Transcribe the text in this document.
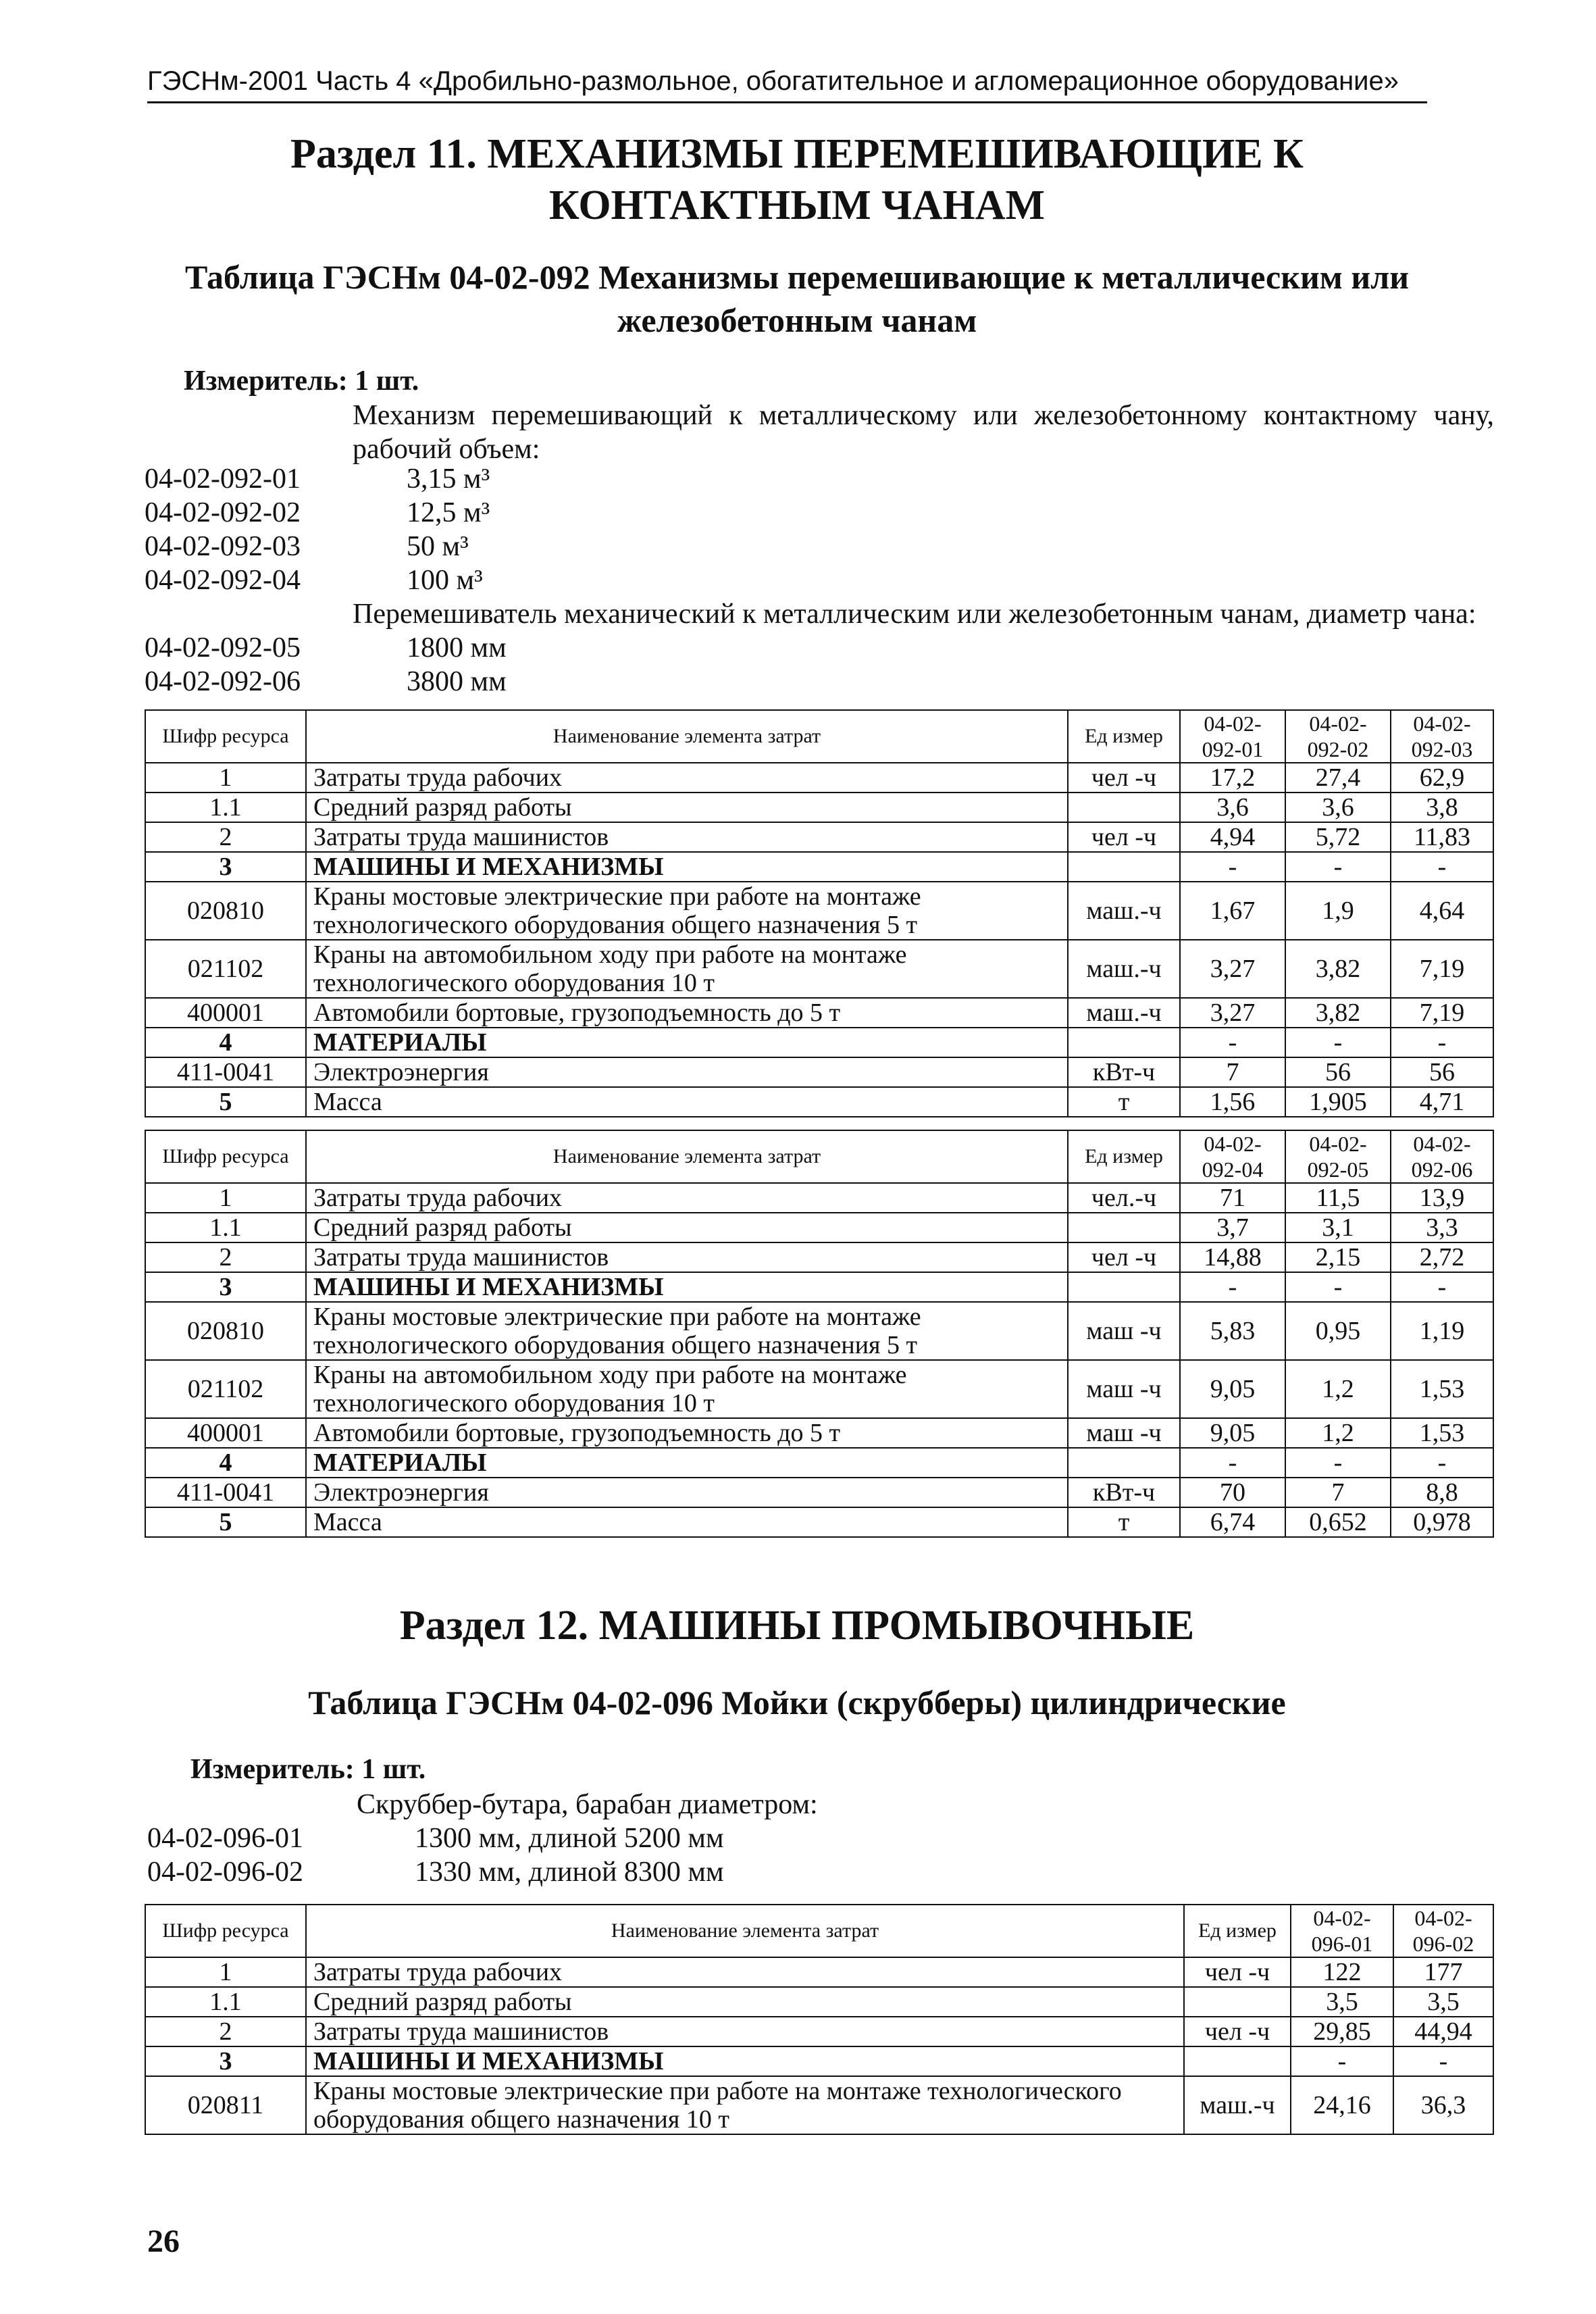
ГЭСНм-2001 Часть 4 «Дробильно-размольное, обогатительное и агломерационное оборудование»
Раздел 11. МЕХАНИЗМЫ ПЕРЕМЕШИВАЮЩИЕ К КОНТАКТНЫМ ЧАНАМ
Таблица ГЭСНм 04-02-092 Механизмы перемешивающие к металлическим или железобетонным чанам
Измеритель: 1 шт.
Механизм перемешивающий к металлическому или железобетонному контактному чану, рабочий объем:
04-02-092-01	3,15 м³
04-02-092-02	12,5 м³
04-02-092-03	50 м³
04-02-092-04	100 м³
Перемешиватель механический к металлическим или железобетонным чанам, диаметр чана:
04-02-092-05	1800 мм
04-02-092-06	3800 мм
Шифр ресурса	Наименование элемента затрат	Ед измер	04-02-092-01	04-02-092-02	04-02-092-03
1	Затраты труда рабочих	чел -ч	17,2	27,4	62,9
1.1	Средний разряд работы		3,6	3,6	3,8
2	Затраты труда машинистов	чел -ч	4,94	5,72	11,83
3	МАШИНЫ И МЕХАНИЗМЫ		-	-	-
020810	Краны мостовые электрические при работе на монтаже технологического оборудования общего назначения 5 т	маш.-ч	1,67	1,9	4,64
021102	Краны на автомобильном ходу при работе на монтаже технологического оборудования 10 т	маш.-ч	3,27	3,82	7,19
400001	Автомобили бортовые, грузоподъемность до 5 т	маш.-ч	3,27	3,82	7,19
4	МАТЕРИАЛЫ		-	-	-
411-0041	Электроэнергия	кВт-ч	7	56	56
5	Масса	т	1,56	1,905	4,71
Шифр ресурса	Наименование элемента затрат	Ед измер	04-02-092-04	04-02-092-05	04-02-092-06
1	Затраты труда рабочих	чел.-ч	71	11,5	13,9
1.1	Средний разряд работы		3,7	3,1	3,3
2	Затраты труда машинистов	чел -ч	14,88	2,15	2,72
3	МАШИНЫ И МЕХАНИЗМЫ		-	-	-
020810	Краны мостовые электрические при работе на монтаже технологического оборудования общего назначения 5 т	маш -ч	5,83	0,95	1,19
021102	Краны на автомобильном ходу при работе на монтаже технологического оборудования 10 т	маш -ч	9,05	1,2	1,53
400001	Автомобили бортовые, грузоподъемность до 5 т	маш -ч	9,05	1,2	1,53
4	МАТЕРИАЛЫ		-	-	-
411-0041	Электроэнергия	кВт-ч	70	7	8,8
5	Масса	т	6,74	0,652	0,978
Раздел 12. МАШИНЫ ПРОМЫВОЧНЫЕ
Таблица ГЭСНм 04-02-096 Мойки (скрубберы) цилиндрические
Измеритель: 1 шт.
Скруббер-бутара, барабан диаметром:
04-02-096-01	1300 мм, длиной 5200 мм
04-02-096-02	1330 мм, длиной 8300 мм
Шифр ресурса	Наименование элемента затрат	Ед измер	04-02-096-01	04-02-096-02
1	Затраты труда рабочих	чел -ч	122	177
1.1	Средний разряд работы		3,5	3,5
2	Затраты труда машинистов	чел -ч	29,85	44,94
3	МАШИНЫ И МЕХАНИЗМЫ		-	-
020811	Краны мостовые электрические при работе на монтаже технологического оборудования общего назначения 10 т	маш.-ч	24,16	36,3
26
